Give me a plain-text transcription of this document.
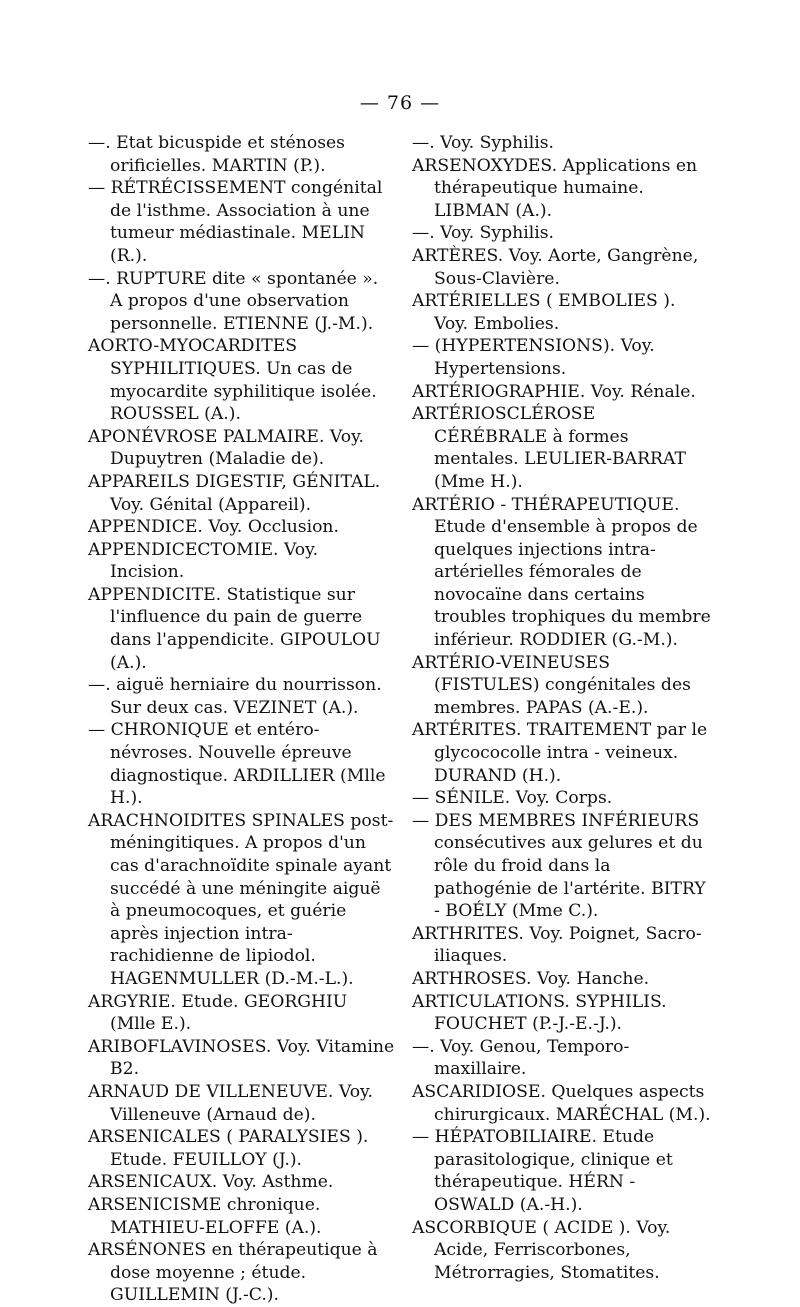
— 76 —

—. Etat bicuspide et sténoses orificielles. MARTIN (P.).

— RÉTRÉCISSEMENT congénital de l'isthme. Association à une tumeur médiastinale. MELIN (R.).

—. RUPTURE dite « spontanée ». A propos d'une observation personnelle. ETIENNE (J.-M.).

AORTO-MYOCARDITES SYPHILITIQUES. Un cas de myocardite syphilitique isolée. ROUSSEL (A.).

APONÉVROSE PALMAIRE. Voy. Dupuytren (Maladie de).

APPAREILS DIGESTIF, GÉNITAL. Voy. Génital (Appareil).

APPENDICE. Voy. Occlusion.

APPENDICECTOMIE. Voy. Incision.

APPENDICITE. Statistique sur l'influence du pain de guerre dans l'appendicite. GIPOULOU (A.).

—. aiguë herniaire du nourrisson. Sur deux cas. VEZINET (A.).

— CHRONIQUE et entéro-névroses. Nouvelle épreuve diagnostique. ARDILLIER (Mlle H.).

ARACHNOIDITES SPINALES post-méningitiques. A propos d'un cas d'arachnoïdite spinale ayant succédé à une méningite aiguë à pneumocoques, et guérie après injection intra-rachidienne de lipiodol. HAGENMULLER (D.-M.-L.).

ARGYRIE. Etude. GEORGHIU (Mlle E.).

ARIBOFLAVINOSES. Voy. Vitamine B2.

ARNAUD DE VILLENEUVE. Voy. Villeneuve (Arnaud de).

ARSENICALES ( PARALYSIES ). Etude. FEUILLOY (J.).

ARSENICAUX. Voy. Asthme.

ARSENICISME chronique. MATHIEU-ELOFFE (A.).

ARSÉNONES en thérapeutique à dose moyenne ; étude. GUILLEMIN (J.-C.).

—. Voy. Syphilis.

ARSENOXYDES. Applications en thérapeutique humaine. LIBMAN (A.).

—. Voy. Syphilis.

ARTÈRES. Voy. Aorte, Gangrène, Sous-Clavière.

ARTÉRIELLES ( EMBOLIES ). Voy. Embolies.

— (HYPERTENSIONS). Voy. Hypertensions.

ARTÉRIOGRAPHIE. Voy. Rénale.

ARTÉRIOSCLÉROSE CÉRÉBRALE à formes mentales. LEULIER-BARRAT (Mme H.).

ARTÉRIO - THÉRAPEUTIQUE. Etude d'ensemble à propos de quelques injections intra-artérielles fémorales de novocaïne dans certains troubles trophiques du membre inférieur. RODDIER (G.-M.).

ARTÉRIO-VEINEUSES (FISTULES) congénitales des membres. PAPAS (A.-E.).

ARTÉRITES. TRAITEMENT par le glycococolle intra - veineux. DURAND (H.).

— SÉNILE. Voy. Corps.

— DES MEMBRES INFÉRIEURS consécutives aux gelures et du rôle du froid dans la pathogénie de l'artérite. BITRY - BOÉLY (Mme C.).

ARTHRITES. Voy. Poignet, Sacro-iliaques.

ARTHROSES. Voy. Hanche.

ARTICULATIONS. SYPHILIS. FOUCHET (P.-J.-E.-J.).

—. Voy. Genou, Temporo-maxillaire.

ASCARIDIOSE. Quelques aspects chirurgicaux. MARÉCHAL (M.).

— HÉPATOBILIAIRE. Etude parasitologique, clinique et thérapeutique. HÉRN - OSWALD (A.-H.).

ASCORBIQUE ( ACIDE ). Voy. Acide, Ferriscorbones, Métrorragies, Stomatites.
